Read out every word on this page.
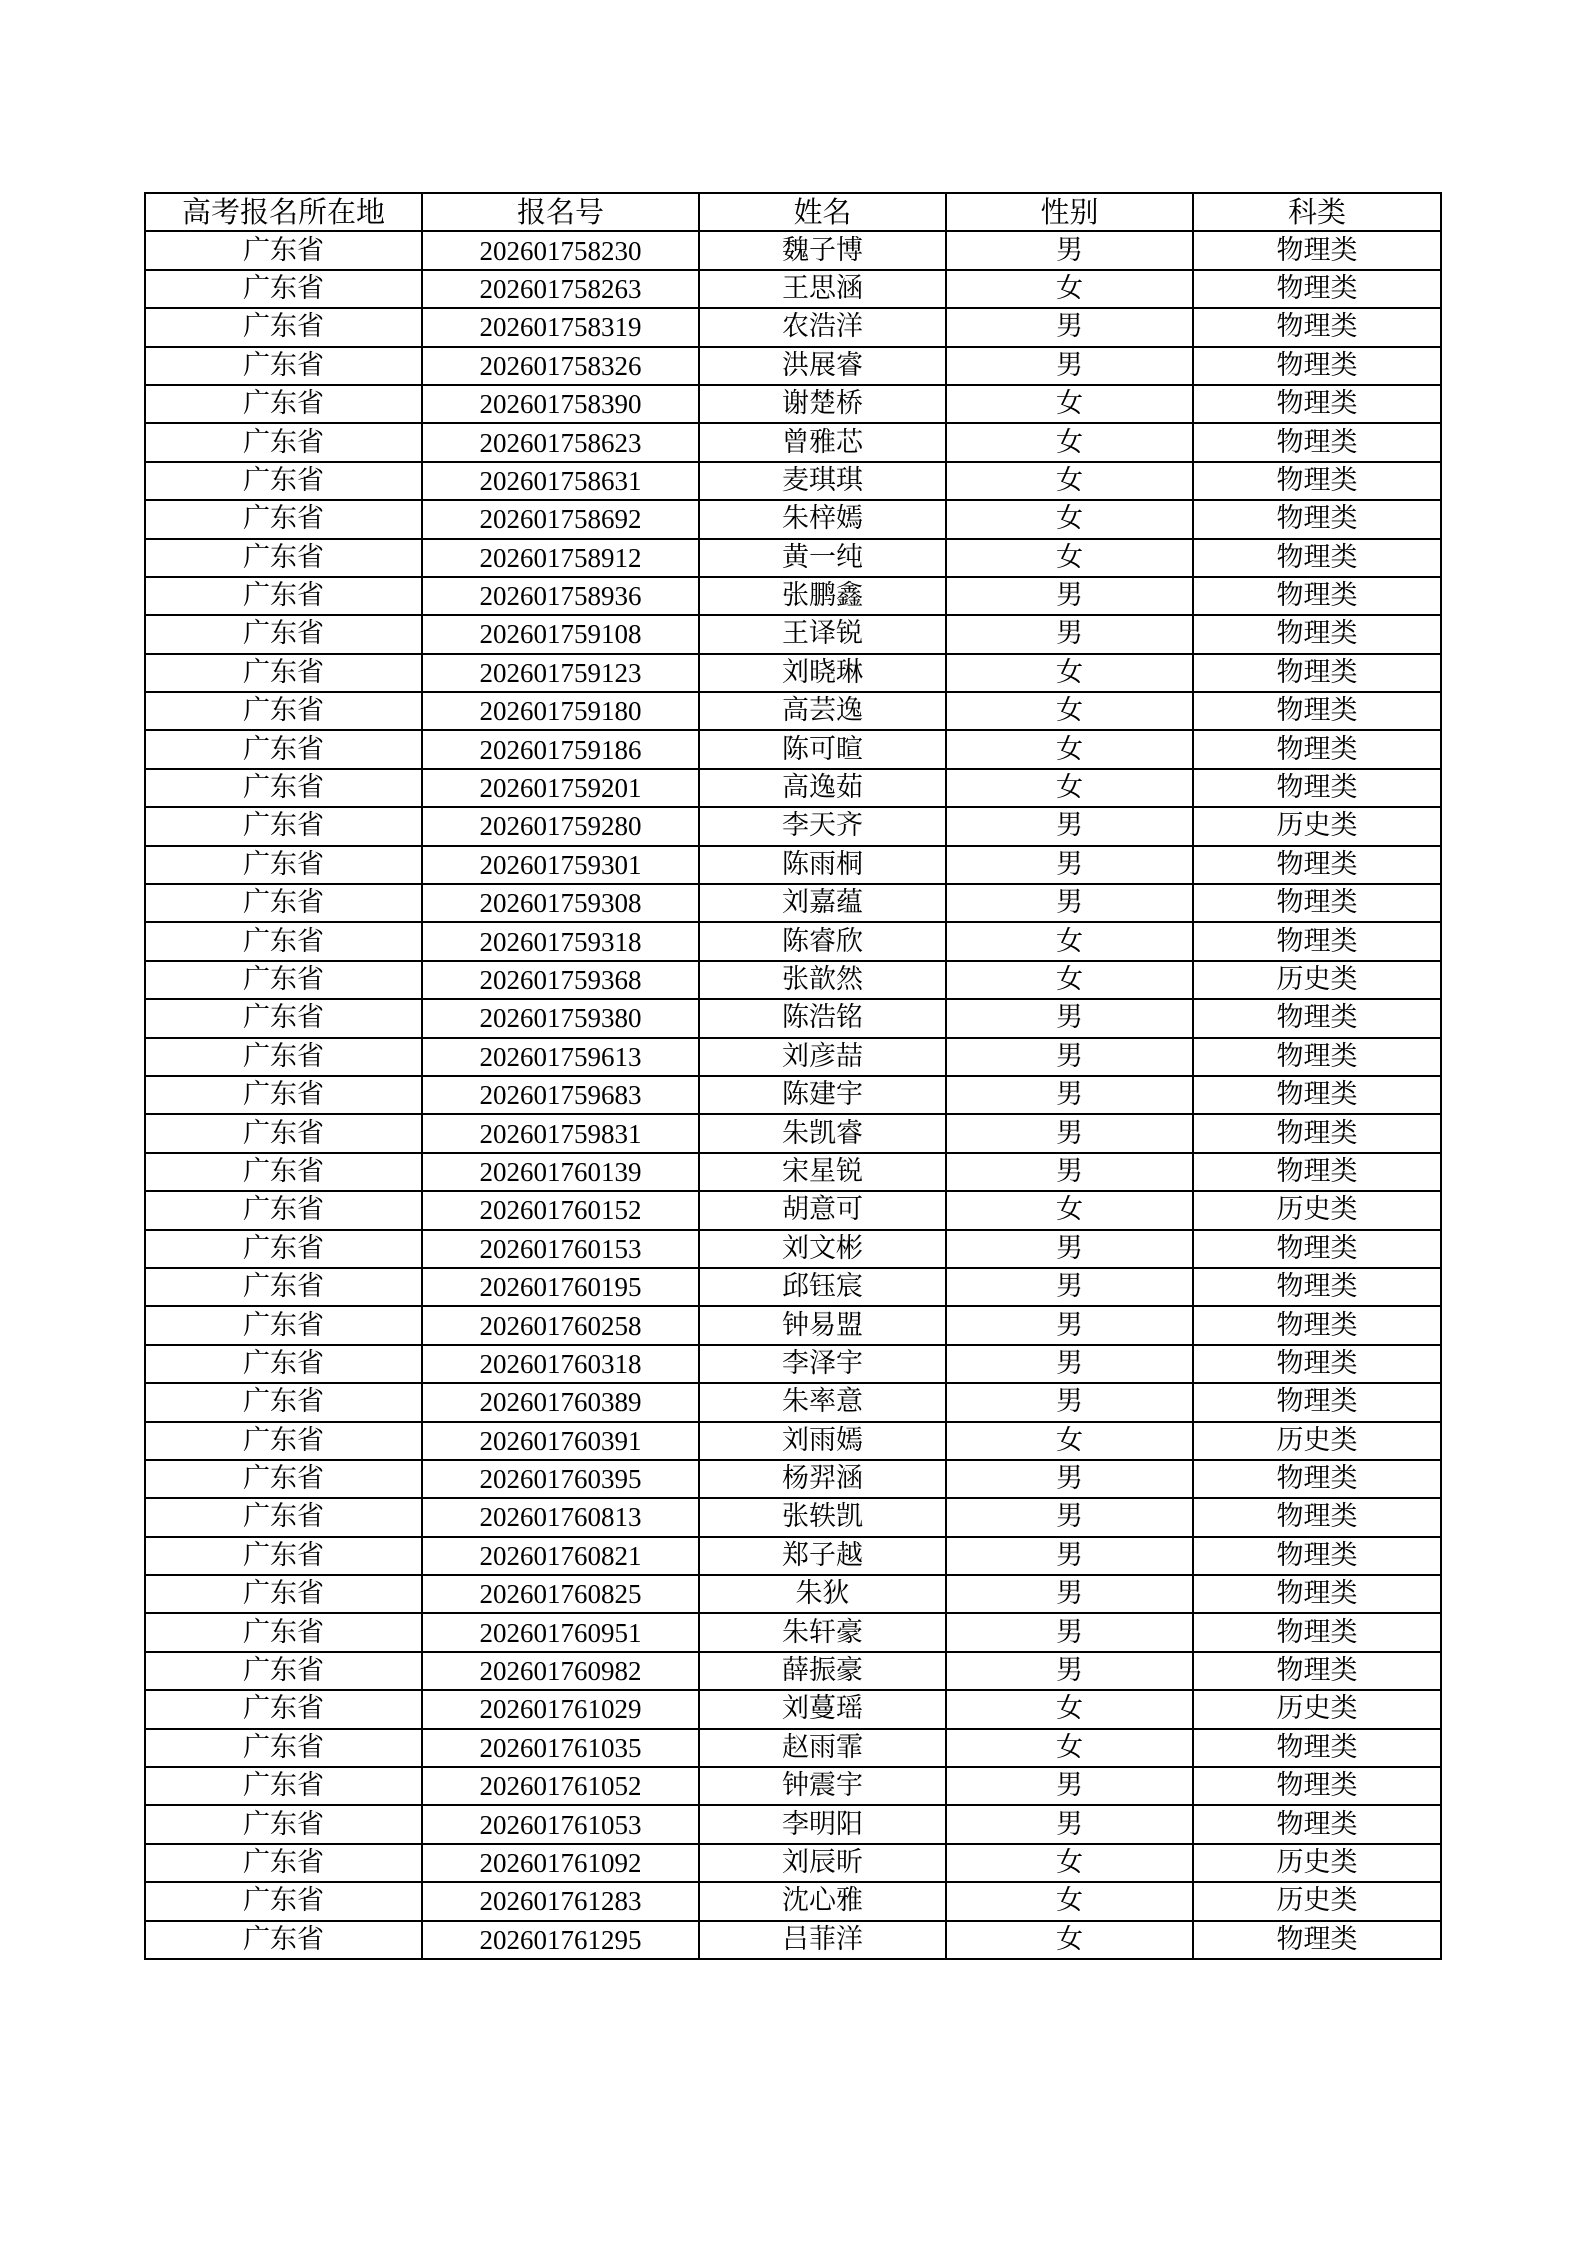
高考报名所在地	报名号	姓名	性别	科类
广东省	202601758230	魏子博	男	物理类
广东省	202601758263	王思涵	女	物理类
广东省	202601758319	农浩洋	男	物理类
广东省	202601758326	洪展睿	男	物理类
广东省	202601758390	谢楚桥	女	物理类
广东省	202601758623	曾雅芯	女	物理类
广东省	202601758631	麦琪琪	女	物理类
广东省	202601758692	朱梓嫣	女	物理类
广东省	202601758912	黄一纯	女	物理类
广东省	202601758936	张鹏鑫	男	物理类
广东省	202601759108	王译锐	男	物理类
广东省	202601759123	刘晓琳	女	物理类
广东省	202601759180	高芸逸	女	物理类
广东省	202601759186	陈可暄	女	物理类
广东省	202601759201	高逸茹	女	物理类
广东省	202601759280	李天齐	男	历史类
广东省	202601759301	陈雨桐	男	物理类
广东省	202601759308	刘嘉蕴	男	物理类
广东省	202601759318	陈睿欣	女	物理类
广东省	202601759368	张歆然	女	历史类
广东省	202601759380	陈浩铭	男	物理类
广东省	202601759613	刘彦喆	男	物理类
广东省	202601759683	陈建宇	男	物理类
广东省	202601759831	朱凯睿	男	物理类
广东省	202601760139	宋星锐	男	物理类
广东省	202601760152	胡意可	女	历史类
广东省	202601760153	刘文彬	男	物理类
广东省	202601760195	邱钰宸	男	物理类
广东省	202601760258	钟易盟	男	物理类
广东省	202601760318	李泽宇	男	物理类
广东省	202601760389	朱率意	男	物理类
广东省	202601760391	刘雨嫣	女	历史类
广东省	202601760395	杨羿涵	男	物理类
广东省	202601760813	张轶凯	男	物理类
广东省	202601760821	郑子越	男	物理类
广东省	202601760825	朱狄	男	物理类
广东省	202601760951	朱轩豪	男	物理类
广东省	202601760982	薛振豪	男	物理类
广东省	202601761029	刘蔓瑶	女	历史类
广东省	202601761035	赵雨霏	女	物理类
广东省	202601761052	钟震宇	男	物理类
广东省	202601761053	李明阳	男	物理类
广东省	202601761092	刘辰昕	女	历史类
广东省	202601761283	沈心雅	女	历史类
广东省	202601761295	吕菲洋	女	物理类
